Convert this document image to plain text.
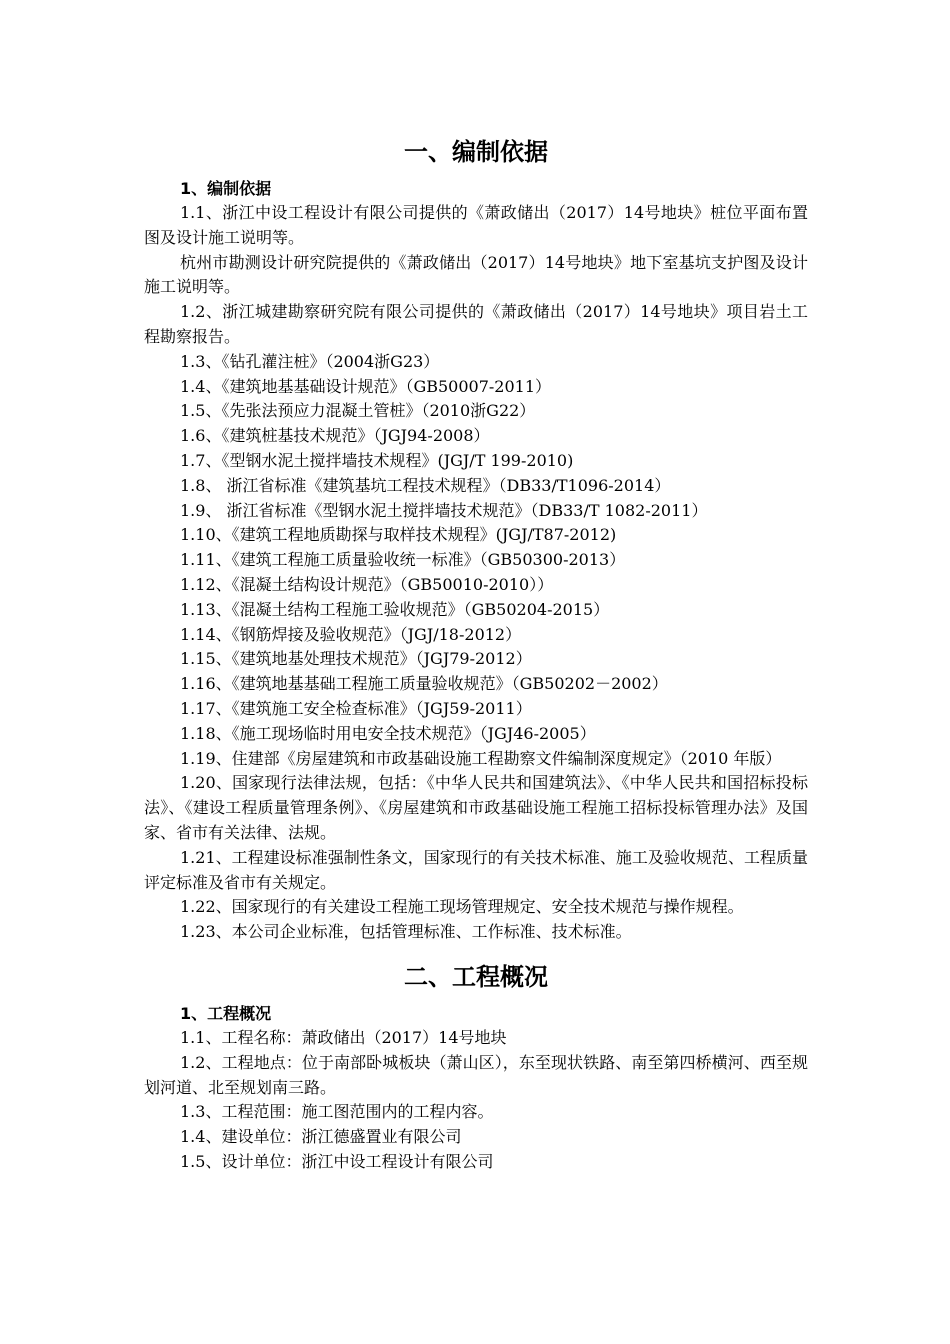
一、编制依据
1、编制依据

1.1、浙江中设工程设计有限公司提供的《萧政储出（2017）14号地块》桩位平面布置图及设计施工说明等。

杭州市勘测设计研究院提供的《萧政储出（2017）14号地块》地下室基坑支护图及设计施工说明等。

1.2、浙江城建勘察研究院有限公司提供的《萧政储出（2017）14号地块》项目岩土工程勘察报告。

1.3、《钻孔灌注桩》（2004浙G23）

1.4、《建筑地基基础设计规范》（GB50007-2011）

1.5、《先张法预应力混凝土管桩》（2010浙G22）

1.6、《建筑桩基技术规范》（JGJ94-2008）

1.7、《型钢水泥土搅拌墙技术规程》(JGJ/T 199-2010)

1.8、 浙江省标准《建筑基坑工程技术规程》（DB33/T1096-2014）

1.9、 浙江省标准《型钢水泥土搅拌墙技术规范》（DB33/T 1082-2011）

1.10、《建筑工程地质勘探与取样技术规程》(JGJ/T87-2012)

1.11、《建筑工程施工质量验收统一标准》（GB50300-2013）

1.12、《混凝土结构设计规范》（GB50010-2010））

1.13、《混凝土结构工程施工验收规范》（GB50204-2015）

1.14、《钢筋焊接及验收规范》（JGJ/18-2012）

1.15、《建筑地基处理技术规范》（JGJ79-2012）

1.16、《建筑地基基础工程施工质量验收规范》（GB50202－2002）

1.17、《建筑施工安全检查标准》（JGJ59-2011）

1.18、《施工现场临时用电安全技术规范》（JGJ46-2005）

1.19、住建部《房屋建筑和市政基础设施工程勘察文件编制深度规定》（2010 年版）

1.20、国家现行法律法规，包括：《中华人民共和国建筑法》、《中华人民共和国招标投标法》、《建设工程质量管理条例》、《房屋建筑和市政基础设施工程施工招标投标管理办法》及国家、省市有关法律、法规。

1.21、工程建设标准强制性条文，国家现行的有关技术标准、施工及验收规范、工程质量评定标准及省市有关规定。

1.22、国家现行的有关建设工程施工现场管理规定、安全技术规范与操作规程。

1.23、本公司企业标准，包括管理标准、工作标准、技术标准。

二、工程概况
1、工程概况

1.1、工程名称：萧政储出（2017）14号地块

1.2、工程地点：位于南部卧城板块（萧山区），东至现状铁路、南至第四桥横河、西至规划河道、北至规划南三路。

1.3、工程范围：施工图范围内的工程内容。

1.4、建设单位：浙江德盛置业有限公司

1.5、设计单位：浙江中设工程设计有限公司
